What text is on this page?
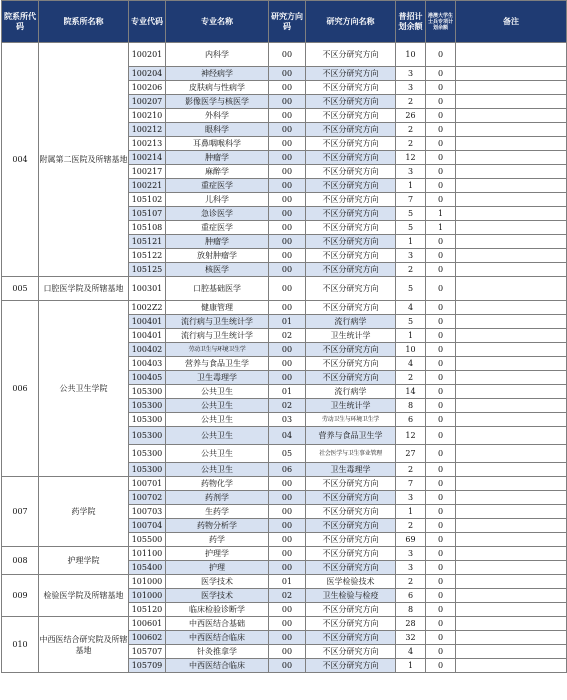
院系所代码	院系所名称	专业代码	专业名称	研究方向码	研究方向名称	普招计划余额	港澳大学生士兵专项计划余额	备注
004	附属第二医院及所辖基地	100201	内科学	00	不区分研究方向	10	0	
		100204	神经病学	00	不区分研究方向	3	0	
		100206	皮肤病与性病学	00	不区分研究方向	3	0	
		100207	影像医学与核医学	00	不区分研究方向	2	0	
		100210	外科学	00	不区分研究方向	26	0	
		100212	眼科学	00	不区分研究方向	2	0	
		100213	耳鼻咽喉科学	00	不区分研究方向	2	0	
		100214	肿瘤学	00	不区分研究方向	12	0	
		100217	麻醉学	00	不区分研究方向	3	0	
		100221	重症医学	00	不区分研究方向	1	0	
		105102	儿科学	00	不区分研究方向	7	0	
		105107	急诊医学	00	不区分研究方向	5	1	
		105108	重症医学	00	不区分研究方向	5	1	
		105121	肿瘤学	00	不区分研究方向	1	0	
		105122	放射肿瘤学	00	不区分研究方向	3	0	
		105125	核医学	00	不区分研究方向	2	0	
005	口腔医学院及所辖基地	100301	口腔基础医学	00	不区分研究方向	5	0	
006	公共卫生学院	1002Z2	健康管理	00	不区分研究方向	4	0	
		100401	流行病与卫生统计学	01	流行病学	5	0	
		100401	流行病与卫生统计学	02	卫生统计学	1	0	
		100402	劳动卫生与环境卫生学	00	不区分研究方向	10	0	
		100403	营养与食品卫生学	00	不区分研究方向	4	0	
		100405	卫生毒理学	00	不区分研究方向	2	0	
		105300	公共卫生	01	流行病学	14	0	
		105300	公共卫生	02	卫生统计学	8	0	
		105300	公共卫生	03	劳动卫生与环境卫生学	6	0	
		105300	公共卫生	04	营养与食品卫生学	12	0	
		105300	公共卫生	05	社会医学与卫生事业管理	27	0	
		105300	公共卫生	06	卫生毒理学	2	0	
007	药学院	100701	药物化学	00	不区分研究方向	7	0	
		100702	药剂学	00	不区分研究方向	3	0	
		100703	生药学	00	不区分研究方向	1	0	
		100704	药物分析学	00	不区分研究方向	2	0	
		105500	药学	00	不区分研究方向	69	0	
008	护理学院	101100	护理学	00	不区分研究方向	3	0	
		105400	护理	00	不区分研究方向	3	0	
009	检验医学院及所辖基地	101000	医学技术	01	医学检验技术	2	0	
		101000	医学技术	02	卫生检验与检疫	6	0	
		105120	临床检验诊断学	00	不区分研究方向	8	0	
010	中西医结合研究院及所辖基地	100601	中西医结合基础	00	不区分研究方向	28	0	
		100602	中西医结合临床	00	不区分研究方向	32	0	
		105707	针灸推拿学	00	不区分研究方向	4	0	
		105709	中西医结合临床	00	不区分研究方向	1	0	
